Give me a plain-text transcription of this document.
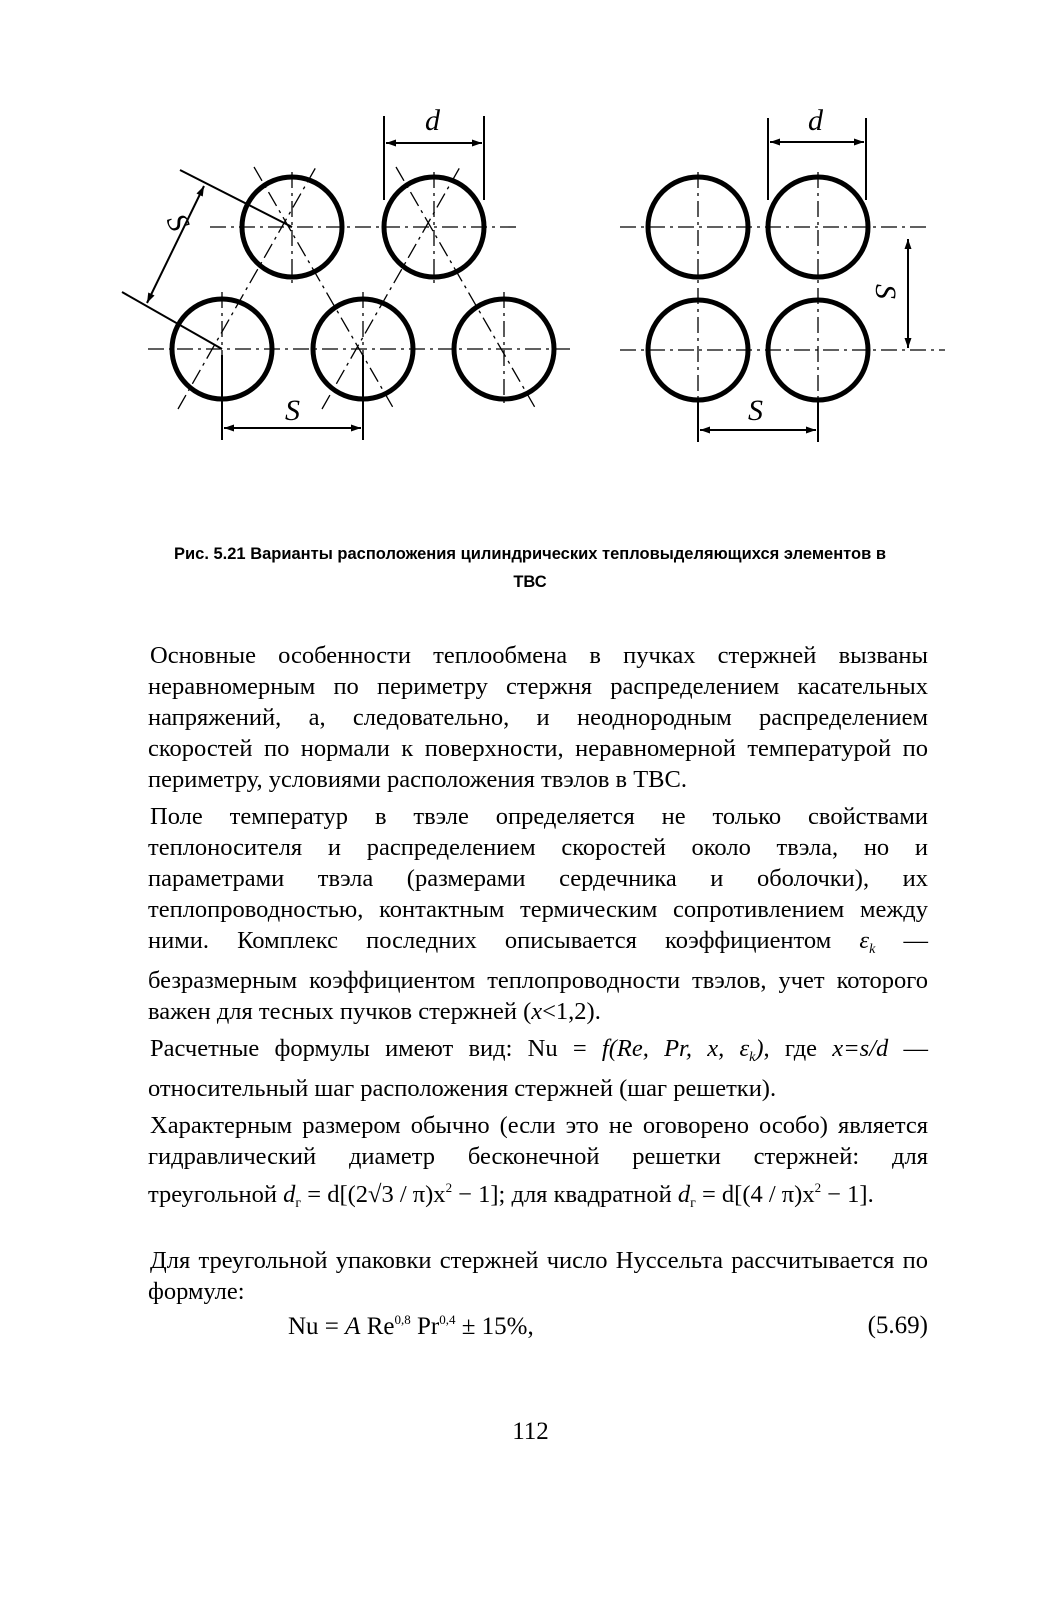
d	d
S	S
S
S
Рис. 5.21 Варианты расположения цилиндрических тепловыделяющихся элементов в
ТВС

Основные особенности теплообмена в пучках стержней вызваны неравномерным по периметру стержня распределением касательных напряжений, а, следовательно, и неоднородным распределением скоростей по нормали к поверхности, неравномерной температурой по периметру, условиями расположения твэлов в ТВС.

Поле температур в твэле определяется не только свойствами теплоносителя и распределением скоростей около твэла, но и параметрами твэла (размерами сердечника и оболочки), их теплопроводностью, контактным термическим сопротивлением между ними. Комплекс последних описывается коэффициентом $\varepsilon_k$ — безразмерным коэффициентом теплопроводности твэлов, учет которого важен для тесных пучков стержней (x<1,2).

Расчетные формулы имеют вид: Nu = f(Re, Pr, x, $\varepsilon_k$), где x=s/d — относительный шаг расположения стержней (шаг решетки).

Характерным размером обычно (если это не оговорено особо) является гидравлический диаметр бесконечной решетки стержней: для треугольной $d_г = d[(2√3 / \pi)x^2 - 1]$; для квадратной $d_г = d[(4 / \pi)x^2 - 1]$.

Для треугольной упаковки стержней число Нуссельта рассчитывается по формуле:

Nu = A Re$^{0,8}$ Pr$^{0,4}$ ± 15%,	(5.69)
112
